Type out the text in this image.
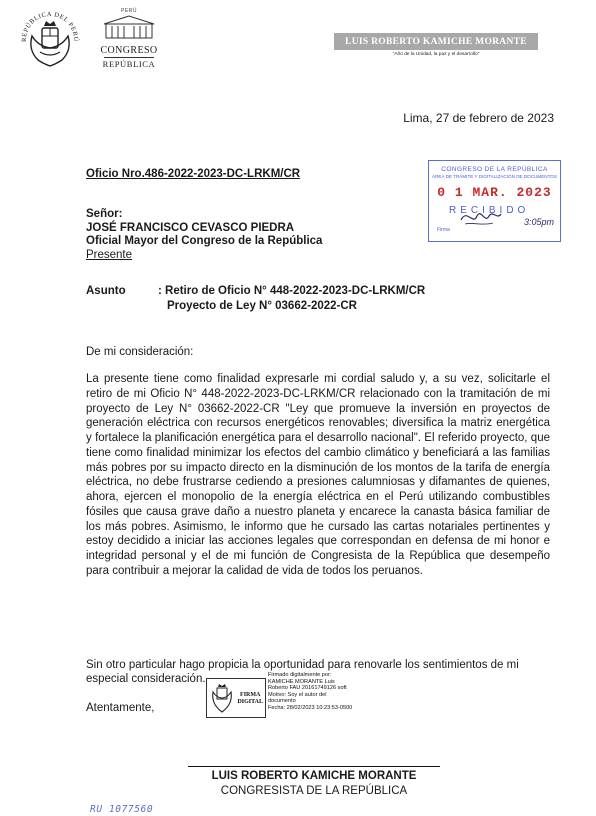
REPÚBLICA DEL PERÚ
PERÚ
CONGRESO
REPÚBLICA
LUIS ROBERTO KAMICHE MORANTE
"Año de la Unidad, la paz y el desarrollo"
Lima, 27 de febrero de 2023
Oficio Nro.486-2022-2023-DC-LRKM/CR	CONGRESO DE LA REPÚBLICA
ÁREA DE TRÁMITE Y DIGITALIZACIÓN DE DOCUMENTOS
0 1 MAR. 2023
RECIBIDO
Firma
3:05pm
Señor:
JOSÉ FRANCISCO CEVASCO PIEDRA
Oficial Mayor del Congreso de la República
Presente
Asunto	: Retiro de Oficio N° 448-2022-2023-DC-LRKM/CR
Proyecto de Ley N° 03662-2022-CR
De mi consideración:
La presente tiene como finalidad expresarle mi cordial saludo y, a su vez, solicitarle el retiro de mi Oficio N° 448-2022-2023-DC-LRKM/CR relacionado con la tramitación de mi proyecto de Ley N° 03662-2022-CR "Ley que promueve la inversión en proyectos de generación eléctrica con recursos energéticos renovables; diversifica la matriz energética y fortalece la planificación energética para el desarrollo nacional". El referido proyecto, que tiene como finalidad minimizar los efectos del cambio climático y beneficiará a las familias más pobres por su impacto directo en la disminución de los montos de la tarifa de energía eléctrica, no debe frustrarse cediendo a presiones calumniosas y difamantes de quienes, ahora, ejercen el monopolio de la energía eléctrica en el Perú utilizando combustibles fósiles que causa grave daño a nuestro planeta y encarece la canasta básica familiar de los más pobres. Asimismo, le informo que he cursado las cartas notariales pertinentes y estoy decidido a iniciar las acciones legales que correspondan en defensa de mi honor e integridad personal y el de mi función de Congresista de la República que desempeño para contribuir a mejorar la calidad de vida de todos los peruanos.
Sin otro particular hago propicia la oportunidad para renovarle los sentimientos de mi especial consideración.
Atentamente,
FIRMA
DIGITAL
Firmado digitalmente por:
KAMICHE MORANTE Luis
Roberto FAU 20161749126 soft
Motivo: Soy el autor del
documento
Fecha: 28/02/2023 10:23:53-0500
LUIS ROBERTO KAMICHE MORANTE
CONGRESISTA DE LA REPÚBLICA
RU 1077560
